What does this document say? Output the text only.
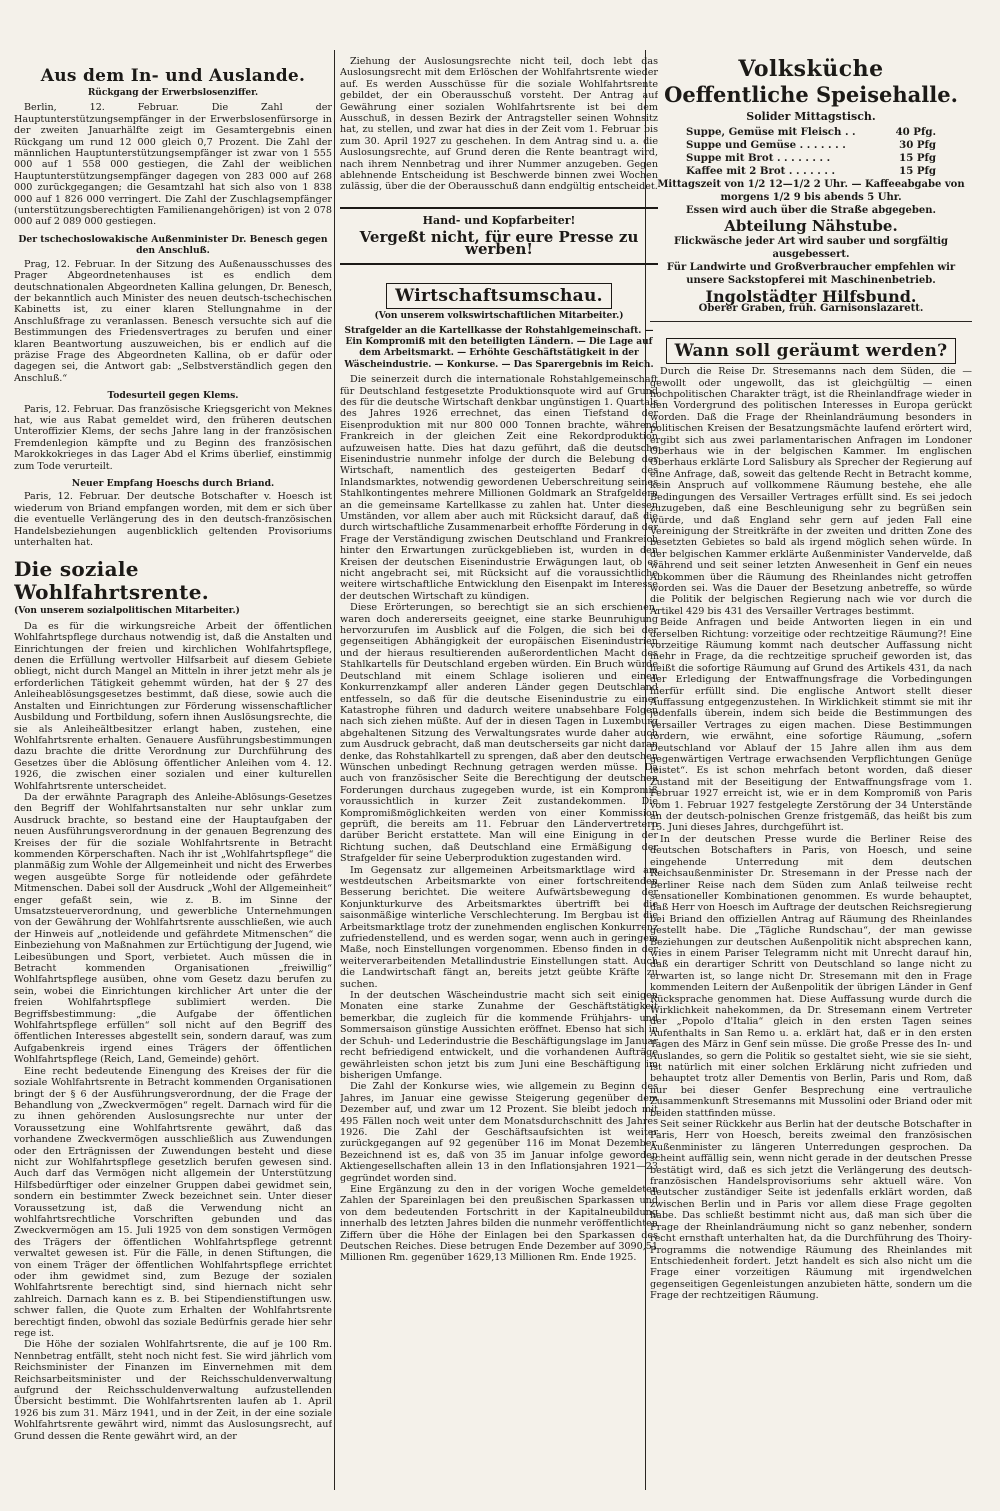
Aus dem In- und Auslande.
Rückgang der Erwerbslosenziffer.

Berlin, 12. Februar. Die Zahl der Hauptunterstützungsempfänger in der Erwerbslosenfürsorge in der zweiten Januarhälfte zeigt im Gesamtergebnis einen Rückgang um rund 12 000 gleich 0,7 Prozent. Die Zahl der männlichen Hauptunterstützungsempfänger ist zwar von 1 555 000 auf 1 558 000 gestiegen, die Zahl der weiblichen Hauptunterstützungsempfänger dagegen von 283 000 auf 268 000 zurückgegangen; die Gesamtzahl hat sich also von 1 838 000 auf 1 826 000 verringert. Die Zahl der Zuschlagsempfänger (unterstützungsberechtigten Familienangehörigen) ist von 2 078 000 auf 2 089 000 gestiegen.

Der tschechoslowakische Außenminister Dr. Benesch gegen den Anschluß.

Prag, 12. Februar. In der Sitzung des Außenausschusses des Prager Abgeordnetenhauses ist es endlich dem deutschnationalen Abgeordneten Kallina gelungen, Dr. Benesch, der bekanntlich auch Minister des neuen deutsch-tschechischen Kabinetts ist, zu einer klaren Stellungnahme in der Anschlußfrage zu veranlassen. Benesch versuchte sich auf die Bestimmungen des Friedensvertrages zu berufen und einer klaren Beantwortung auszuweichen, bis er endlich auf die präzise Frage des Abgeordneten Kallina, ob er dafür oder dagegen sei, die Antwort gab: „Selbstverständlich gegen den Anschluß.“

Todesurteil gegen Klems.

Paris, 12. Februar. Das französische Kriegsgericht von Meknes hat, wie aus Rabat gemeldet wird, den früheren deutschen Unteroffizier Klems, der sechs Jahre lang in der französischen Fremdenlegion kämpfte und zu Beginn des französischen Marokkokrieges in das Lager Abd el Krims überlief, einstimmig zum Tode verurteilt.

Neuer Empfang Hoeschs durch Briand.

Paris, 12. Februar. Der deutsche Botschafter v. Hoesch ist wiederum von Briand empfangen worden, mit dem er sich über die eventuelle Verlängerung des in den deutsch-französischen Handelsbeziehungen augenblicklich geltenden Provisoriums unterhalten hat.

Die soziale Wohlfahrtsrente.
(Von unserem sozialpolitischen Mitarbeiter.)

Da es für die wirkungsreiche Arbeit der öffentlichen Wohlfahrtspflege durchaus notwendig ist, daß die Anstalten und Einrichtungen der freien und kirchlichen Wohlfahrtspflege, denen die Erfüllung wertvoller Hilfsarbeit auf diesem Gebiete obliegt, nicht durch Mangel an Mitteln in ihrer jetzt mehr als je erforderlichen Tätigkeit gehemmt würden, hat der § 27 des Anleiheablösungsgesetzes bestimmt, daß diese, sowie auch die Anstalten und Einrichtungen zur Förderung wissenschaftlicher Ausbildung und Fortbildung, sofern ihnen Auslösungsrechte, die sie als Anleiheältbesitzer erlangt haben, zustehen, eine Wohlfahrtsrente erhalten. Genauere Ausführungsbestimmungen dazu brachte die dritte Verordnung zur Durchführung des Gesetzes über die Ablösung öffentlicher Anleihen vom 4. 12. 1926, die zwischen einer sozialen und einer kulturellen Wohlfahrtsrente unterscheidet.

Da der erwähnte Paragraph des Anleihe-Ablösungs-Gesetzes den Begriff der Wohlfahrtsanstalten nur sehr unklar zum Ausdruck brachte, so bestand eine der Hauptaufgaben der neuen Ausführungsverordnung in der genauen Begrenzung des Kreises der für die soziale Wohlfahrtsrente in Betracht kommenden Körperschaften. Nach ihr ist „Wohlfahrtspflege“ die planmäßig zum Wohle der Allgemeinheit und nicht des Erwerbes wegen ausgeübte Sorge für notleidende oder gefährdete Mitmenschen. Dabei soll der Ausdruck „Wohl der Allgemeinheit“ enger gefaßt sein, wie z. B. im Sinne der Umsatzsteuerverordnung, und gewerbliche Unternehmungen von der Gewährung der Wohlfahrtsrente ausschließen, wie auch der Hinweis auf „notleidende und gefährdete Mitmenschen“ die Einbeziehung von Maßnahmen zur Ertüchtigung der Jugend, wie Leibesübungen und Sport, verbietet. Auch müssen die in Betracht kommenden Organisationen „freiwillig“ Wohlfahrtspflege ausüben, ohne vom Gesetz dazu berufen zu sein, wobei die Einrichtungen kirchlicher Art unter die der freien Wohlfahrtspflege sublimiert werden. Die Begriffsbestimmung: „die Aufgabe der öffentlichen Wohlfahrtspflege erfüllen“ soll nicht auf den Begriff des öffentlichen Interesses abgestellt sein, sondern darauf, was zum Aufgabenkreis irgend eines Trägers der öffentlichen Wohlfahrtspflege (Reich, Land, Gemeinde) gehört.

Eine recht bedeutende Einengung des Kreises der für die soziale Wohlfahrtsrente in Betracht kommenden Organisationen bringt der § 6 der Ausführungsverordnung, der die Frage der Behandlung von „Zweckvermögen“ regelt. Darnach wird für die zu ihnen gehörenden Auslosungsrechte nur unter der Voraussetzung eine Wohlfahrtsrente gewährt, daß das vorhandene Zweckvermögen ausschließlich aus Zuwendungen oder den Erträgnissen der Zuwendungen besteht und diese nicht zur Wohlfahrtspflege gesetzlich berufen gewesen sind. Auch darf das Vermögen nicht allgemein der Unterstützung Hilfsbedürftiger oder einzelner Gruppen dabei gewidmet sein, sondern ein bestimmter Zweck bezeichnet sein. Unter dieser Voraussetzung ist, daß die Verwendung nicht an wohlfahrtsrechtliche Vorschriften gebunden und das Zweckvermögen am 15. Juli 1925 von dem sonstigen Vermögen des Trägers der öffentlichen Wohlfahrtspflege getrennt verwaltet gewesen ist. Für die Fälle, in denen Stiftungen, die von einem Träger der öffentlichen Wohlfahrtspflege errichtet oder ihm gewidmet sind, zum Bezuge der sozialen Wohlfahrtsrente berechtigt sind, sind hiernach nicht sehr zahlreich. Darnach kann es z. B. bei Stipendienstiftungen usw. schwer fallen, die Quote zum Erhalten der Wohlfahrtsrente berechtigt finden, obwohl das soziale Bedürfnis gerade hier sehr rege ist.

Die Höhe der sozialen Wohlfahrtsrente, die auf je 100 Rm. Nennbetrag entfällt, steht noch nicht fest. Sie wird jährlich vom Reichsminister der Finanzen im Einvernehmen mit dem Reichsarbeitsminister und der Reichsschuldenverwaltung aufgrund der Reichsschuldenverwaltung aufzustellenden Übersicht bestimmt. Die Wohlfahrtsrenten laufen ab 1. April 1926 bis zum 31. März 1941, und in der Zeit, in der eine soziale Wohlfahrtsrente gewährt wird, nimmt das Auslosungsrecht, auf Grund dessen die Rente gewährt wird, an der

Ziehung der Auslosungsrechte nicht teil, doch lebt das Auslosungsrecht mit dem Erlöschen der Wohlfahrtsrente wieder auf. Es werden Ausschüsse für die soziale Wohlfahrtsrente gebildet, der ein Oberausschuß vorsteht. Der Antrag auf Gewährung einer sozialen Wohlfahrtsrente ist bei dem Ausschuß, in dessen Bezirk der Antragsteller seinen Wohnsitz hat, zu stellen, und zwar hat dies in der Zeit vom 1. Februar bis zum 30. April 1927 zu geschehen. In dem Antrag sind u. a. die Auslosungsrechte, auf Grund deren die Rente beantragt wird, nach ihrem Nennbetrag und ihrer Nummer anzugeben. Gegen ablehnende Entscheidung ist Beschwerde binnen zwei Wochen zulässig, über die der Oberausschuß dann endgültig entscheidet.

Hand- und Kopfarbeiter!
Vergeßt nicht, für eure Presse zu werben!
Wirtschaftsumschau.
(Von unserem volkswirtschaftlichen Mitarbeiter.)
Strafgelder an die Kartellkasse der Rohstahlgemeinschaft. — Ein Kompromiß mit den beteiligten Ländern. — Die Lage auf dem Arbeitsmarkt. — Erhöhte Geschäftstätigkeit in der Wäscheindustrie. — Konkurse. — Das Sparergebnis im Reich.

Die seinerzeit durch die internationale Rohstahlgemeinschaft für Deutschland festgesetzte Produktionsquote wird auf Grund des für die deutsche Wirtschaft denkbar ungünstigen 1. Quartals des Jahres 1926 errechnet, das einen Tiefstand der Eisenproduktion mit nur 800 000 Tonnen brachte, während Frankreich in der gleichen Zeit eine Rekordproduktion aufzuweisen hatte. Dies hat dazu geführt, daß die deutsche Eisenindustrie nunmehr infolge der durch die Belebung der Wirtschaft, namentlich des gesteigerten Bedarf des Inlandsmarktes, notwendig gewordenen Ueberschreitung seines Stahlkontingentes mehrere Millionen Goldmark an Strafgeldern an die gemeinsame Kartellkasse zu zahlen hat. Unter diesen Umständen, vor allem aber auch mit Rücksicht darauf, daß die durch wirtschaftliche Zusammenarbeit erhoffte Förderung in der Frage der Verständigung zwischen Deutschland und Frankreich hinter den Erwartungen zurückgeblieben ist, wurden in den Kreisen der deutschen Eisenindustrie Erwägungen laut, ob es nicht angebracht sei, mit Rücksicht auf die voraussichtliche weitere wirtschaftliche Entwicklung den Eisenpakt im Interesse der deutschen Wirtschaft zu kündigen.

Diese Erörterungen, so berechtigt sie an sich erschienen, waren doch andererseits geeignet, eine starke Beunruhigung hervorzurufen im Ausblick auf die Folgen, die sich bei der gegenseitigen Abhängigkeit der europäischen Eisenindustrien und der hieraus resultierenden außerordentlichen Macht des Stahlkartells für Deutschland ergeben würden. Ein Bruch würde Deutschland mit einem Schlage isolieren und einen Konkurrenzkampf aller anderen Länder gegen Deutschland entfesseln, so daß für die deutsche Eisenindustrie zu einer Katastrophe führen und dadurch weitere unabsehbare Folgen nach sich ziehen müßte. Auf der in diesen Tagen in Luxemburg abgehaltenen Sitzung des Verwaltungsrates wurde daher auch zum Ausdruck gebracht, daß man deutscherseits gar nicht daran denke, das Rohstahlkartell zu sprengen, daß aber den deutschen Wünschen unbedingt Rechnung getragen werden müsse. Da auch von französischer Seite die Berechtigung der deutschen Forderungen durchaus zugegeben wurde, ist ein Kompromiß voraussichtlich in kurzer Zeit zustandekommen. Die Kompromißmöglichkeiten werden von einer Kommission geprüft, die bereits am 11. Februar den Ländervertretern darüber Bericht erstattete. Man will eine Einigung in der Richtung suchen, daß Deutschland eine Ermäßigung der Strafgelder für seine Ueberproduktion zugestanden wird.

Im Gegensatz zur allgemeinen Arbeitsmarktlage wird am westdeutschen Arbeitsmarkte von einer fortschreitenden Besserung berichtet. Die weitere Aufwärtsbewegung der Konjunkturkurve des Arbeitsmarktes übertrifft bei die saisonmäßige winterliche Verschlechterung. Im Bergbau ist die Arbeitsmarktlage trotz der zunehmenden englischen Konkurrenz zufriedenstellend, und es werden sogar, wenn auch in geringem Maße, noch Einstellungen vorgenommen. Ebenso finden in der weiterverarbeitenden Metallindustrie Einstellungen statt. Auch die Landwirtschaft fängt an, bereits jetzt geübte Kräfte zu suchen.

In der deutschen Wäscheindustrie macht sich seit einigen Monaten eine starke Zunahme der Geschäftstätigkeit bemerkbar, die zugleich für die kommende Frühjahrs- und Sommersaison günstige Aussichten eröffnet. Ebenso hat sich in der Schuh- und Lederindustrie die Beschäftigungslage im Januar recht befriedigend entwickelt, und die vorhandenen Aufträge gewährleisten schon jetzt bis zum Juni eine Beschäftigung im bisherigen Umfange.

Die Zahl der Konkurse wies, wie allgemein zu Beginn des Jahres, im Januar eine gewisse Steigerung gegenüber dem Dezember auf, und zwar um 12 Prozent. Sie bleibt jedoch mit 495 Fällen noch weit unter dem Monatsdurchschnitt des Jahres 1926. Die Zahl der Geschäftsaufsichten ist weiter zurückgegangen auf 92 gegenüber 116 im Monat Dezember. Bezeichnend ist es, daß von 35 im Januar infolge geworden Aktiengesellschaften allein 13 in den Inflationsjahren 1921—23 gegründet worden sind.

Eine Ergänzung zu den in der vorigen Woche gemeldeten Zahlen der Spareinlagen bei den preußischen Sparkassen und von dem bedeutenden Fortschritt in der Kapitalneubildung innerhalb des letzten Jahres bilden die nunmehr veröffentlichten Ziffern über die Höhe der Einlagen bei den Sparkassen des Deutschen Reiches. Diese betrugen Ende Dezember auf 3090,51 Millionen Rm. gegenüber 1629,13 Millionen Rm. Ende 1925.

Volksküche
Oeffentliche Speisehalle.
Solider Mittagstisch.
Suppe, Gemüse mit Fleisch . .	40 Pfg.
Suppe und Gemüse . . . . . . .	30 Pfg
Suppe mit Brot . . . . . . . .	15 Pfg
Kaffee mit 2 Brot . . . . . . .	15 Pfg
Mittagszeit von 1/2 12—1/2 2 Uhr. — Kaffeeabgabe von morgens 1/2 9 bis abends 5 Uhr.
Essen wird auch über die Straße abgegeben.
Abteilung Nähstube.
Flickwäsche jeder Art wird sauber und sorgfältig ausgebessert.
Für Landwirte und Großverbraucher empfehlen wir unsere Sackstopferei mit Maschinenbetrieb.
Ingolstädter Hilfsbund.
Oberer Graben, früh. Garnisonslazarett.
Wann soll geräumt werden?

Durch die Reise Dr. Stresemanns nach dem Süden, die — gewollt oder ungewollt, das ist gleichgültig — einen hochpolitischen Charakter trägt, ist die Rheinlandfrage wieder in den Vordergrund des politischen Interesses in Europa gerückt worden. Daß die Frage der Rheinlandräumung besonders in politischen Kreisen der Besatzungsmächte laufend erörtert wird, ergibt sich aus zwei parlamentarischen Anfragen im Londoner Oberhaus wie in der belgischen Kammer. Im englischen Oberhaus erklärte Lord Salisbury als Sprecher der Regierung auf eine Anfrage, daß, soweit das geltende Recht in Betracht komme, kein Anspruch auf vollkommene Räumung bestehe, ehe alle Bedingungen des Versailler Vertrages erfüllt sind. Es sei jedoch zuzugeben, daß eine Beschleunigung sehr zu begrüßen sein würde, und daß England sehr gern auf jeden Fall eine Vereinigung der Streitkräfte in der zweiten und dritten Zone des besetzten Gebietes so bald als irgend möglich sehen würde. In der belgischen Kammer erklärte Außenminister Vandervelde, daß während und seit seiner letzten Anwesenheit in Genf ein neues Abkommen über die Räumung des Rheinlandes nicht getroffen worden sei. Was die Dauer der Besetzung anbetreffe, so würde die Politik der belgischen Regierung nach wie vor durch die Artikel 429 bis 431 des Versailler Vertrages bestimmt.

Beide Anfragen und beide Antworten liegen in ein und derselben Richtung: vorzeitige oder rechtzeitige Räumung?! Eine vorzeitige Räumung kommt nach deutscher Auffassung nicht mehr in Frage, da die rechtzeitige sprucheif geworden ist, das heißt die sofortige Räumung auf Grund des Artikels 431, da nach der Erledigung der Entwaffnungsfrage die Vorbedingungen hierfür erfüllt sind. Die englische Antwort stellt dieser Auffassung entgegenzustehen. In Wirklichkeit stimmt sie mit ihr jedenfalls überein, indem sich beide die Bestimmungen des Versailler Vertrages zu eigen machen. Diese Bestimmungen fordern, wie erwähnt, eine sofortige Räumung, „sofern Deutschland vor Ablauf der 15 Jahre allen ihm aus dem gegenwärtigen Vertrage erwachsenden Verpflichtungen Genüge leistet“. Es ist schon mehrfach betont worden, daß dieser Zustand mit der Beseitigung der Entwaffnungsfrage vom 1. Februar 1927 erreicht ist, wie er in dem Kompromiß von Paris vom 1. Februar 1927 festgelegte Zerstörung der 34 Unterstände an der deutsch-polnischen Grenze fristgemäß, das heißt bis zum 15. Juni dieses Jahres, durchgeführt ist.

In der deutschen Presse wurde die Berliner Reise des deutschen Botschafters in Paris, von Hoesch, und seine eingehende Unterredung mit dem deutschen Reichsaußenminister Dr. Stresemann in der Presse nach der Berliner Reise nach dem Süden zum Anlaß teilweise recht sensationeller Kombinationen genommen. Es wurde behauptet, daß Herr von Hoesch im Auftrage der deutschen Reichsregierung bei Briand den offiziellen Antrag auf Räumung des Rheinlandes gestellt habe. Die „Tägliche Rundschau“, der man gewisse Beziehungen zur deutschen Außenpolitik nicht absprechen kann, wies in einem Pariser Telegramm nicht mit Unrecht darauf hin, daß ein derartiger Schritt von Deutschland so lange nicht zu erwarten ist, so lange nicht Dr. Stresemann mit den in Frage kommenden Leitern der Außenpolitik der übrigen Länder in Genf Rücksprache genommen hat. Diese Auffassung wurde durch die Wirklichkeit nahekommen, da Dr. Stresemann einem Vertreter der „Popolo d'Italia“ gleich in den ersten Tagen seines Aufenthalts in San Remo u. a. erklärt hat, daß er in den ersten Tagen des März in Genf sein müsse. Die große Presse des In- und Auslandes, so gern die Politik so gestaltet sieht, wie sie sie sieht, ist natürlich mit einer solchen Erklärung nicht zufrieden und behauptet trotz aller Dementis von Berlin, Paris und Rom, daß nur bei dieser Genfer Besprechung eine vertrauliche Zusammenkunft Stresemanns mit Mussolini oder Briand oder mit beiden stattfinden müsse.

Seit seiner Rückkehr aus Berlin hat der deutsche Botschafter in Paris, Herr von Hoesch, bereits zweimal den französischen Außenminister zu längeren Unterredungen gesprochen. Da scheint auffällig sein, wenn nicht gerade in der deutschen Presse bestätigt wird, daß es sich jetzt die Verlängerung des deutsch-französischen Handelsprovisoriums sehr aktuell wäre. Von deutscher zuständiger Seite ist jedenfalls erklärt worden, daß zwischen Berlin und in Paris vor allem diese Frage gegolten habe. Das schließt bestimmt nicht aus, daß man sich über die Frage der Rheinlandräumung nicht so ganz nebenher, sondern recht ernsthaft unterhalten hat, da die Durchführung des Thoiry-Programms die notwendige Räumung des Rheinlandes mit Entschiedenheit fordert. Jetzt handelt es sich also nicht um die Frage einer vorzeitigen Räumung mit irgendwelchen gegenseitigen Gegenleistungen anzubieten hätte, sondern um die Frage der rechtzeitigen Räumung.
